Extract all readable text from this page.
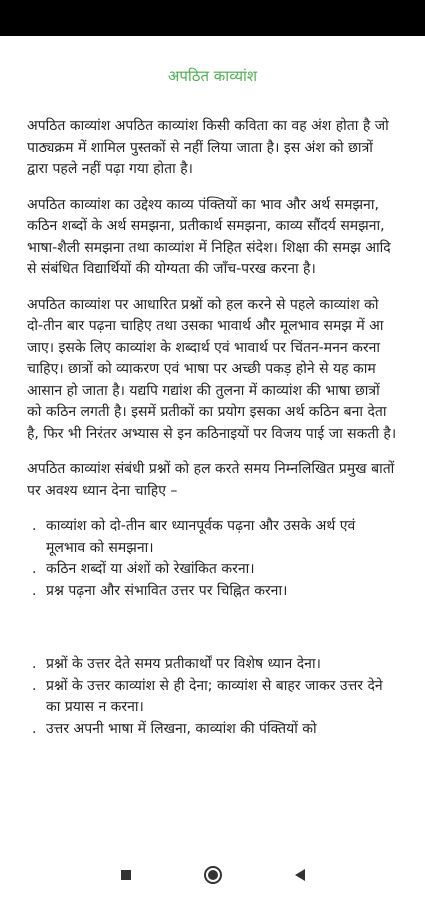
अपठित काव्यांश

अपठित काव्यांश अपठित काव्यांश किसी कविता का वह अंश होता है जो पाठ्यक्रम में शामिल पुस्तकों से नहीं लिया जाता है। इस अंश को छात्रों द्वारा पहले नहीं पढ़ा गया होता है।

अपठित काव्यांश का उद्देश्य काव्य पंक्तियों का भाव और अर्थ समझना, कठिन शब्दों के अर्थ समझना, प्रतीकार्थ समझना, काव्य सौंदर्य समझना, भाषा-शैली समझना तथा काव्यांश में निहित संदेश। शिक्षा की समझ आदि से संबंधित विद्यार्थियों की योग्यता की जाँच-परख करना है।

अपठित काव्यांश पर आधारित प्रश्नों को हल करने से पहले काव्यांश को दो-तीन बार पढ़ना चाहिए तथा उसका भावार्थ और मूलभाव समझ में आ जाए। इसके लिए काव्यांश के शब्दार्थ एवं भावार्थ पर चिंतन-मनन करना चाहिए। छात्रों को व्याकरण एवं भाषा पर अच्छी पकड़ होने से यह काम आसान हो जाता है। यद्यपि गद्यांश की तुलना में काव्यांश की भाषा छात्रों को कठिन लगती है। इसमें प्रतीकों का प्रयोग इसका अर्थ कठिन बना देता है, फिर भी निरंतर अभ्यास से इन कठिनाइयों पर विजय पाई जा सकती है।

अपठित काव्यांश संबंधी प्रश्नों को हल करते समय निम्नलिखित प्रमुख बातों पर अवश्य ध्यान देना चाहिए –

. काव्यांश को दो-तीन बार ध्यानपूर्वक पढ़ना और उसके अर्थ एवं मूलभाव को समझना।
. कठिन शब्दों या अंशों को रेखांकित करना।
. प्रश्न पढ़ना और संभावित उत्तर पर चिह्नित करना।
. प्रश्नों के उत्तर देते समय प्रतीकार्थों पर विशेष ध्यान देना।
. प्रश्नों के उत्तर काव्यांश से ही देना; काव्यांश से बाहर जाकर उत्तर देने का प्रयास न करना।
. उत्तर अपनी भाषा में लिखना, काव्यांश की पंक्तियों को
